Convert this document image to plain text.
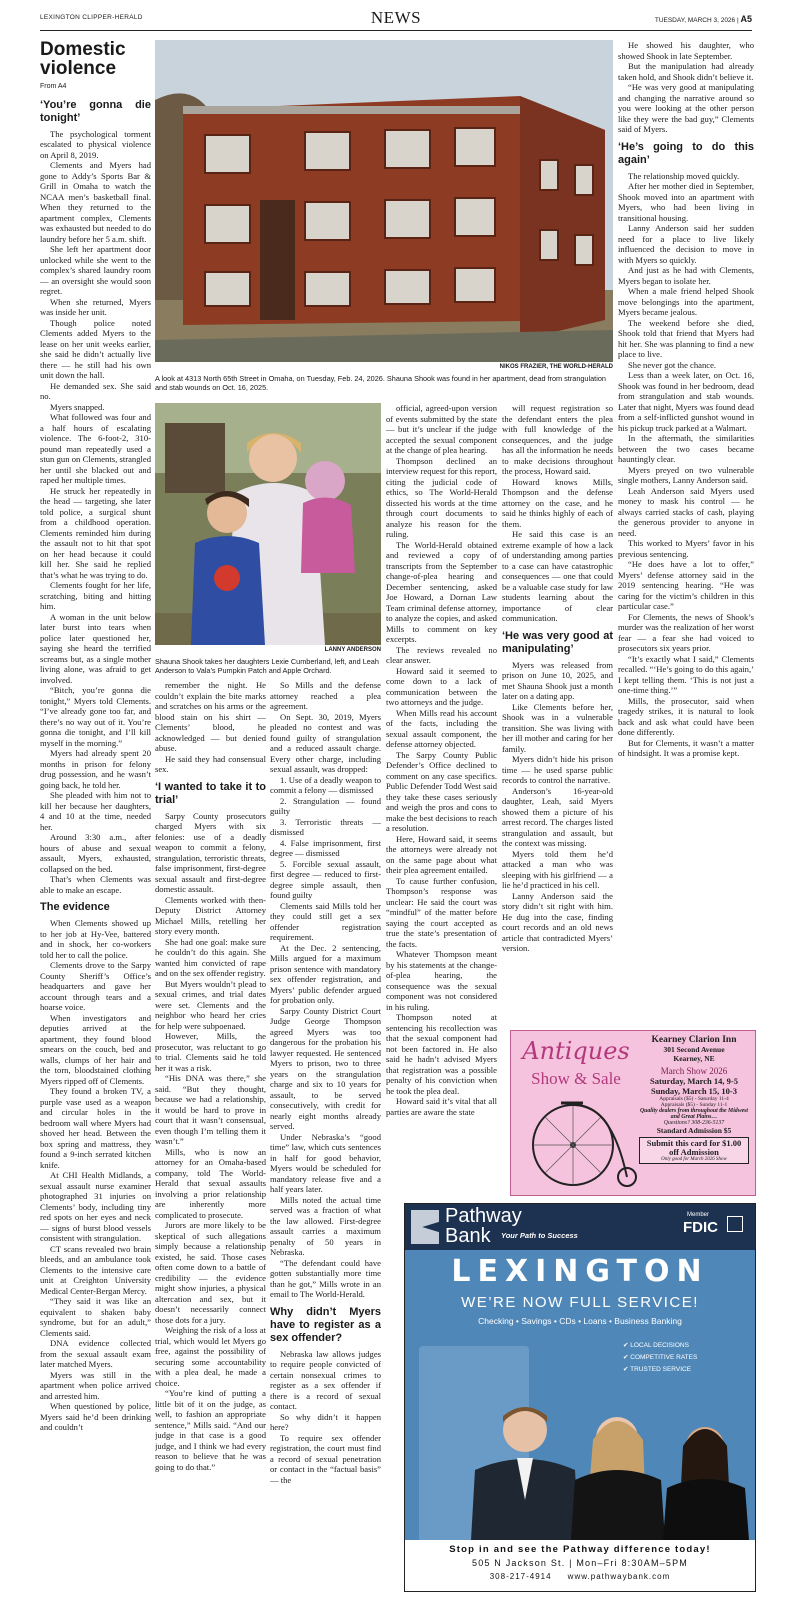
LEXINGTON CLIPPER-HERALD	NEWS	TUESDAY, MARCH 3, 2026 | A5
Domestic violence
From A4
‘You’re gonna die tonight’

The psychological torment escalated to physical violence on April 8, 2019.

Clements and Myers had gone to Addy’s Sports Bar & Grill in Omaha to watch the NCAA men’s basketball final. When they returned to the apartment complex, Clements was exhausted but needed to do laundry before her 5 a.m. shift.

She left her apartment door unlocked while she went to the complex’s shared laundry room — an oversight she would soon regret.

When she returned, Myers was inside her unit.

Though police noted Clements added Myers to the lease on her unit weeks earlier, she said he didn’t actually live there — he still had his own unit down the hall.

He demanded sex. She said no.

Myers snapped.

What followed was four and a half hours of escalating violence. The 6-foot-2, 310-pound man repeatedly used a stun gun on Clements, strangled her until she blacked out and raped her multiple times.

He struck her repeatedly in the head — targeting, she later told police, a surgical shunt from a childhood operation. Clements reminded him during the assault not to hit that spot on her head because it could kill her. She said he replied that’s what he was trying to do.

Clements fought for her life, scratching, biting and hitting him.

A woman in the unit below later burst into tears when police later questioned her, saying she heard the terrified screams but, as a single mother living alone, was afraid to get involved.

“Bitch, you’re gonna die tonight,” Myers told Clements. “I’ve already gone too far, and there’s no way out of it. You’re gonna die tonight, and I’ll kill myself in the morning.”

Myers had already spent 20 months in prison for felony drug possession, and he wasn’t going back, he told her.

She pleaded with him not to kill her because her daughters, 4 and 10 at the time, needed her.

Around 3:30 a.m., after hours of abuse and sexual assault, Myers, exhausted, collapsed on the bed.

That’s when Clements was able to make an escape.

The evidence

When Clements showed up to her job at Hy-Vee, battered and in shock, her co-workers told her to call the police.

Clements drove to the Sarpy County Sheriff’s Office’s headquarters and gave her account through tears and a hoarse voice.

When investigators and deputies arrived at the apartment, they found blood smears on the couch, bed and walls, clumps of her hair and the torn, bloodstained clothing Myers ripped off of Clements.

They found a broken TV, a purple vase used as a weapon and circular holes in the bedroom wall where Myers had shoved her head. Between the box spring and mattress, they found a 9-inch serrated kitchen knife.

At CHI Health Midlands, a sexual assault nurse examiner photographed 31 injuries on Clements’ body, including tiny red spots on her eyes and neck — signs of burst blood vessels consistent with strangulation.

CT scans revealed two brain bleeds, and an ambulance took Clements to the intensive care unit at Creighton University Medical Center-Bergan Mercy.

“They said it was like an equivalent to shaken baby syndrome, but for an adult,” Clements said.

DNA evidence collected from the sexual assault exam later matched Myers.

Myers was still in the apartment when police arrived and arrested him.

When questioned by police, Myers said he’d been drinking and couldn’t

NIKOS FRAZIER, THE WORLD-HERALD
A look at 4313 North 65th Street in Omaha, on Tuesday, Feb. 24, 2026. Shauna Shook was found in her apartment, dead from strangulation and stab wounds on Oct. 16, 2025.
LANNY ANDERSON
Shauna Shook takes her daughters Lexie Cumberland, left, and Leah Anderson to Vala’s Pumpkin Patch and Apple Orchard.

remember the night. He couldn’t explain the bite marks and scratches on his arms or the blood stain on his shirt — Clements’ blood, he acknowledged — but denied abuse.

He said they had consensual sex.

‘I wanted to take it to trial’

Sarpy County prosecutors charged Myers with six felonies: use of a deadly weapon to commit a felony, strangulation, terroristic threats, false imprisonment, first-degree sexual assault and first-degree domestic assault.

Clements worked with then-Deputy District Attorney Michael Mills, retelling her story every month.

She had one goal: make sure he couldn’t do this again. She wanted him convicted of rape and on the sex offender registry.

But Myers wouldn’t plead to sexual crimes, and trial dates were set. Clements and the neighbor who heard her cries for help were subpoenaed.

However, Mills, the prosecutor, was reluctant to go to trial. Clements said he told her it was a risk.

“His DNA was there,” she said. “But they thought, because we had a relationship, it would be hard to prove in court that it wasn’t consensual, even though I’m telling them it wasn’t.”

Mills, who is now an attorney for an Omaha-based company, told The World-Herald that sexual assaults involving a prior relationship are inherently more complicated to prosecute.

Jurors are more likely to be skeptical of such allegations simply because a relationship existed, he said. Those cases often come down to a battle of credibility — the evidence might show injuries, a physical altercation and sex, but it doesn’t necessarily connect those dots for a jury.

Weighing the risk of a loss at trial, which would let Myers go free, against the possibility of securing some accountability with a plea deal, he made a choice.

“You’re kind of putting a little bit of it on the judge, as well, to fashion an appropriate sentence,” Mills said. “And our judge in that case is a good judge, and I think we had every reason to believe that he was going to do that.”

So Mills and the defense attorney reached a plea agreement.

On Sept. 30, 2019, Myers pleaded no contest and was found guilty of strangulation and a reduced assault charge. Every other charge, including sexual assault, was dropped:

1. Use of a deadly weapon to commit a felony — dismissed

2. Strangulation — found guilty

3. Terroristic threats — dismissed

4. False imprisonment, first degree — dismissed

5. Forcible sexual assault, first degree — reduced to first-degree simple assault, then found guilty

Clements said Mills told her they could still get a sex offender registration requirement.

At the Dec. 2 sentencing, Mills argued for a maximum prison sentence with mandatory sex offender registration, and Myers’ public defender argued for probation only.

Sarpy County District Court Judge George Thompson agreed Myers was too dangerous for the probation his lawyer requested. He sentenced Myers to prison, two to three years on the strangulation charge and six to 10 years for assault, to be served consecutively, with credit for nearly eight months already served.

Under Nebraska’s “good time” law, which cuts sentences in half for good behavior, Myers would be scheduled for mandatory release five and a half years later.

Mills noted the actual time served was a fraction of what the law allowed. First-degree assault carries a maximum penalty of 50 years in Nebraska.

“The defendant could have gotten substantially more time than he got,” Mills wrote in an email to The World-Herald.

Why didn’t Myers have to register as a sex offender?

Nebraska law allows judges to require people convicted of certain nonsexual crimes to register as a sex offender if there is a record of sexual contact.

So why didn’t it happen here?

To require sex offender registration, the court must find a record of sexual penetration or contact in the “factual basis” — the

official, agreed-upon version of events submitted by the state — but it’s unclear if the judge accepted the sexual component at the change of plea hearing.

Thompson declined an interview request for this report, citing the judicial code of ethics, so The World-Herald dissected his words at the time through court documents to analyze his reason for the ruling.

The World-Herald obtained and reviewed a copy of transcripts from the September change-of-plea hearing and December sentencing, asked Joe Howard, a Dornan Law Team criminal defense attorney, to analyze the copies, and asked Mills to comment on key excerpts.

The reviews revealed no clear answer.

Howard said it seemed to come down to a lack of communication between the two attorneys and the judge.

When Mills read his account of the facts, including the sexual assault component, the defense attorney objected.

The Sarpy County Public Defender’s Office declined to comment on any case specifics. Public Defender Todd West said they take these cases seriously and weigh the pros and cons to make the best decisions to reach a resolution.

Here, Howard said, it seems the attorneys were already not on the same page about what their plea agreement entailed.

To cause further confusion, Thompson’s response was unclear: He said the court was “mindful” of the matter before saying the court accepted as true the state’s presentation of the facts.

Whatever Thompson meant by his statements at the change-of-plea hearing, the consequence was the sexual component was not considered in his ruling.

Thompson noted at sentencing his recollection was that the sexual component had not been factored in. He also said he hadn’t advised Myers that registration was a possible penalty of his conviction when he took the plea deal.

Howard said it’s vital that all parties are aware the state

will request registration so the defendant enters the plea with full knowledge of the consequences, and the judge has all the information he needs to make decisions throughout the process, Howard said.

Howard knows Mills, Thompson and the defense attorney on the case, and he said he thinks highly of each of them.

He said this case is an extreme example of how a lack of understanding among parties to a case can have catastrophic consequences — one that could be a valuable case study for law students learning about the importance of clear communication.

‘He was very good at manipulating’

Myers was released from prison on June 10, 2025, and met Shauna Shook just a month later on a dating app.

Like Clements before her, Shook was in a vulnerable transition. She was living with her ill mother and caring for her family.

Myers didn’t hide his prison time — he used sparse public records to control the narrative.

Anderson’s 16-year-old daughter, Leah, said Myers showed them a picture of his arrest record. The charges listed strangulation and assault, but the context was missing.

Myers told them he’d attacked a man who was sleeping with his girlfriend — a lie he’d practiced in his cell.

Lanny Anderson said the story didn’t sit right with him. He dug into the case, finding court records and an old news article that contradicted Myers’ version.

He showed his daughter, who showed Shook in late September.

But the manipulation had already taken hold, and Shook didn’t believe it.

“He was very good at manipulating and changing the narrative around so you were looking at the other person like they were the bad guy,” Clements said of Myers.

‘He’s going to do this again’

The relationship moved quickly.

After her mother died in September, Shook moved into an apartment with Myers, who had been living in transitional housing.

Lanny Anderson said her sudden need for a place to live likely influenced the decision to move in with Myers so quickly.

And just as he had with Clements, Myers began to isolate her.

When a male friend helped Shook move belongings into the apartment, Myers became jealous.

The weekend before she died, Shook told that friend that Myers had hit her. She was planning to find a new place to live.

She never got the chance.

Less than a week later, on Oct. 16, Shook was found in her bedroom, dead from strangulation and stab wounds. Later that night, Myers was found dead from a self-inflicted gunshot wound in his pickup truck parked at a Walmart.

In the aftermath, the similarities between the two cases became hauntingly clear.

Myers preyed on two vulnerable single mothers, Lanny Anderson said.

Leah Anderson said Myers used money to mask his control — he always carried stacks of cash, playing the generous provider to anyone in need.

This worked to Myers’ favor in his previous sentencing.

“He does have a lot to offer,” Myers’ defense attorney said in the 2019 sentencing hearing. “He was caring for the victim’s children in this particular case.”

For Clements, the news of Shook’s murder was the realization of her worst fear — a fear she had voiced to prosecutors six years prior.

“It’s exactly what I said,” Clements recalled. “‘He’s going to do this again,’ I kept telling them. ‘This is not just a one-time thing.’”

Mills, the prosecutor, said when tragedy strikes, it is natural to look back and ask what could have been done differently.

But for Clements, it wasn’t a matter of hindsight. It was a promise kept.

Antiques
Show & Sale
Kearney Clarion Inn
301 Second Avenue
Kearney, NE
March Show 2026
Saturday, March 14, 9-5
Sunday, March 15, 10-3
Appraisals ($5) - Saturday 11-4
Appraisals ($5) - Sunday 11-1
Quality dealers from throughout the Midwest and Great Plains…
Questions? 308-236-5137
Standard Admission $5
Submit this card for $1.00 off Admission
Only good for March 2026 Show
Pathway
Bank	Your Path to Success
Member
FDIC
LEXINGTON
WE’RE NOW FULL SERVICE!
Checking • Savings • CDs • Loans • Business Banking
✔ LOCAL DECISIONS
✔ COMPETITIVE RATES
✔ TRUSTED SERVICE
Stop in and see the Pathway difference today!
505 N Jackson St. | Mon–Fri 8:30AM–5PM
308-217-4914     www.pathwaybank.com
